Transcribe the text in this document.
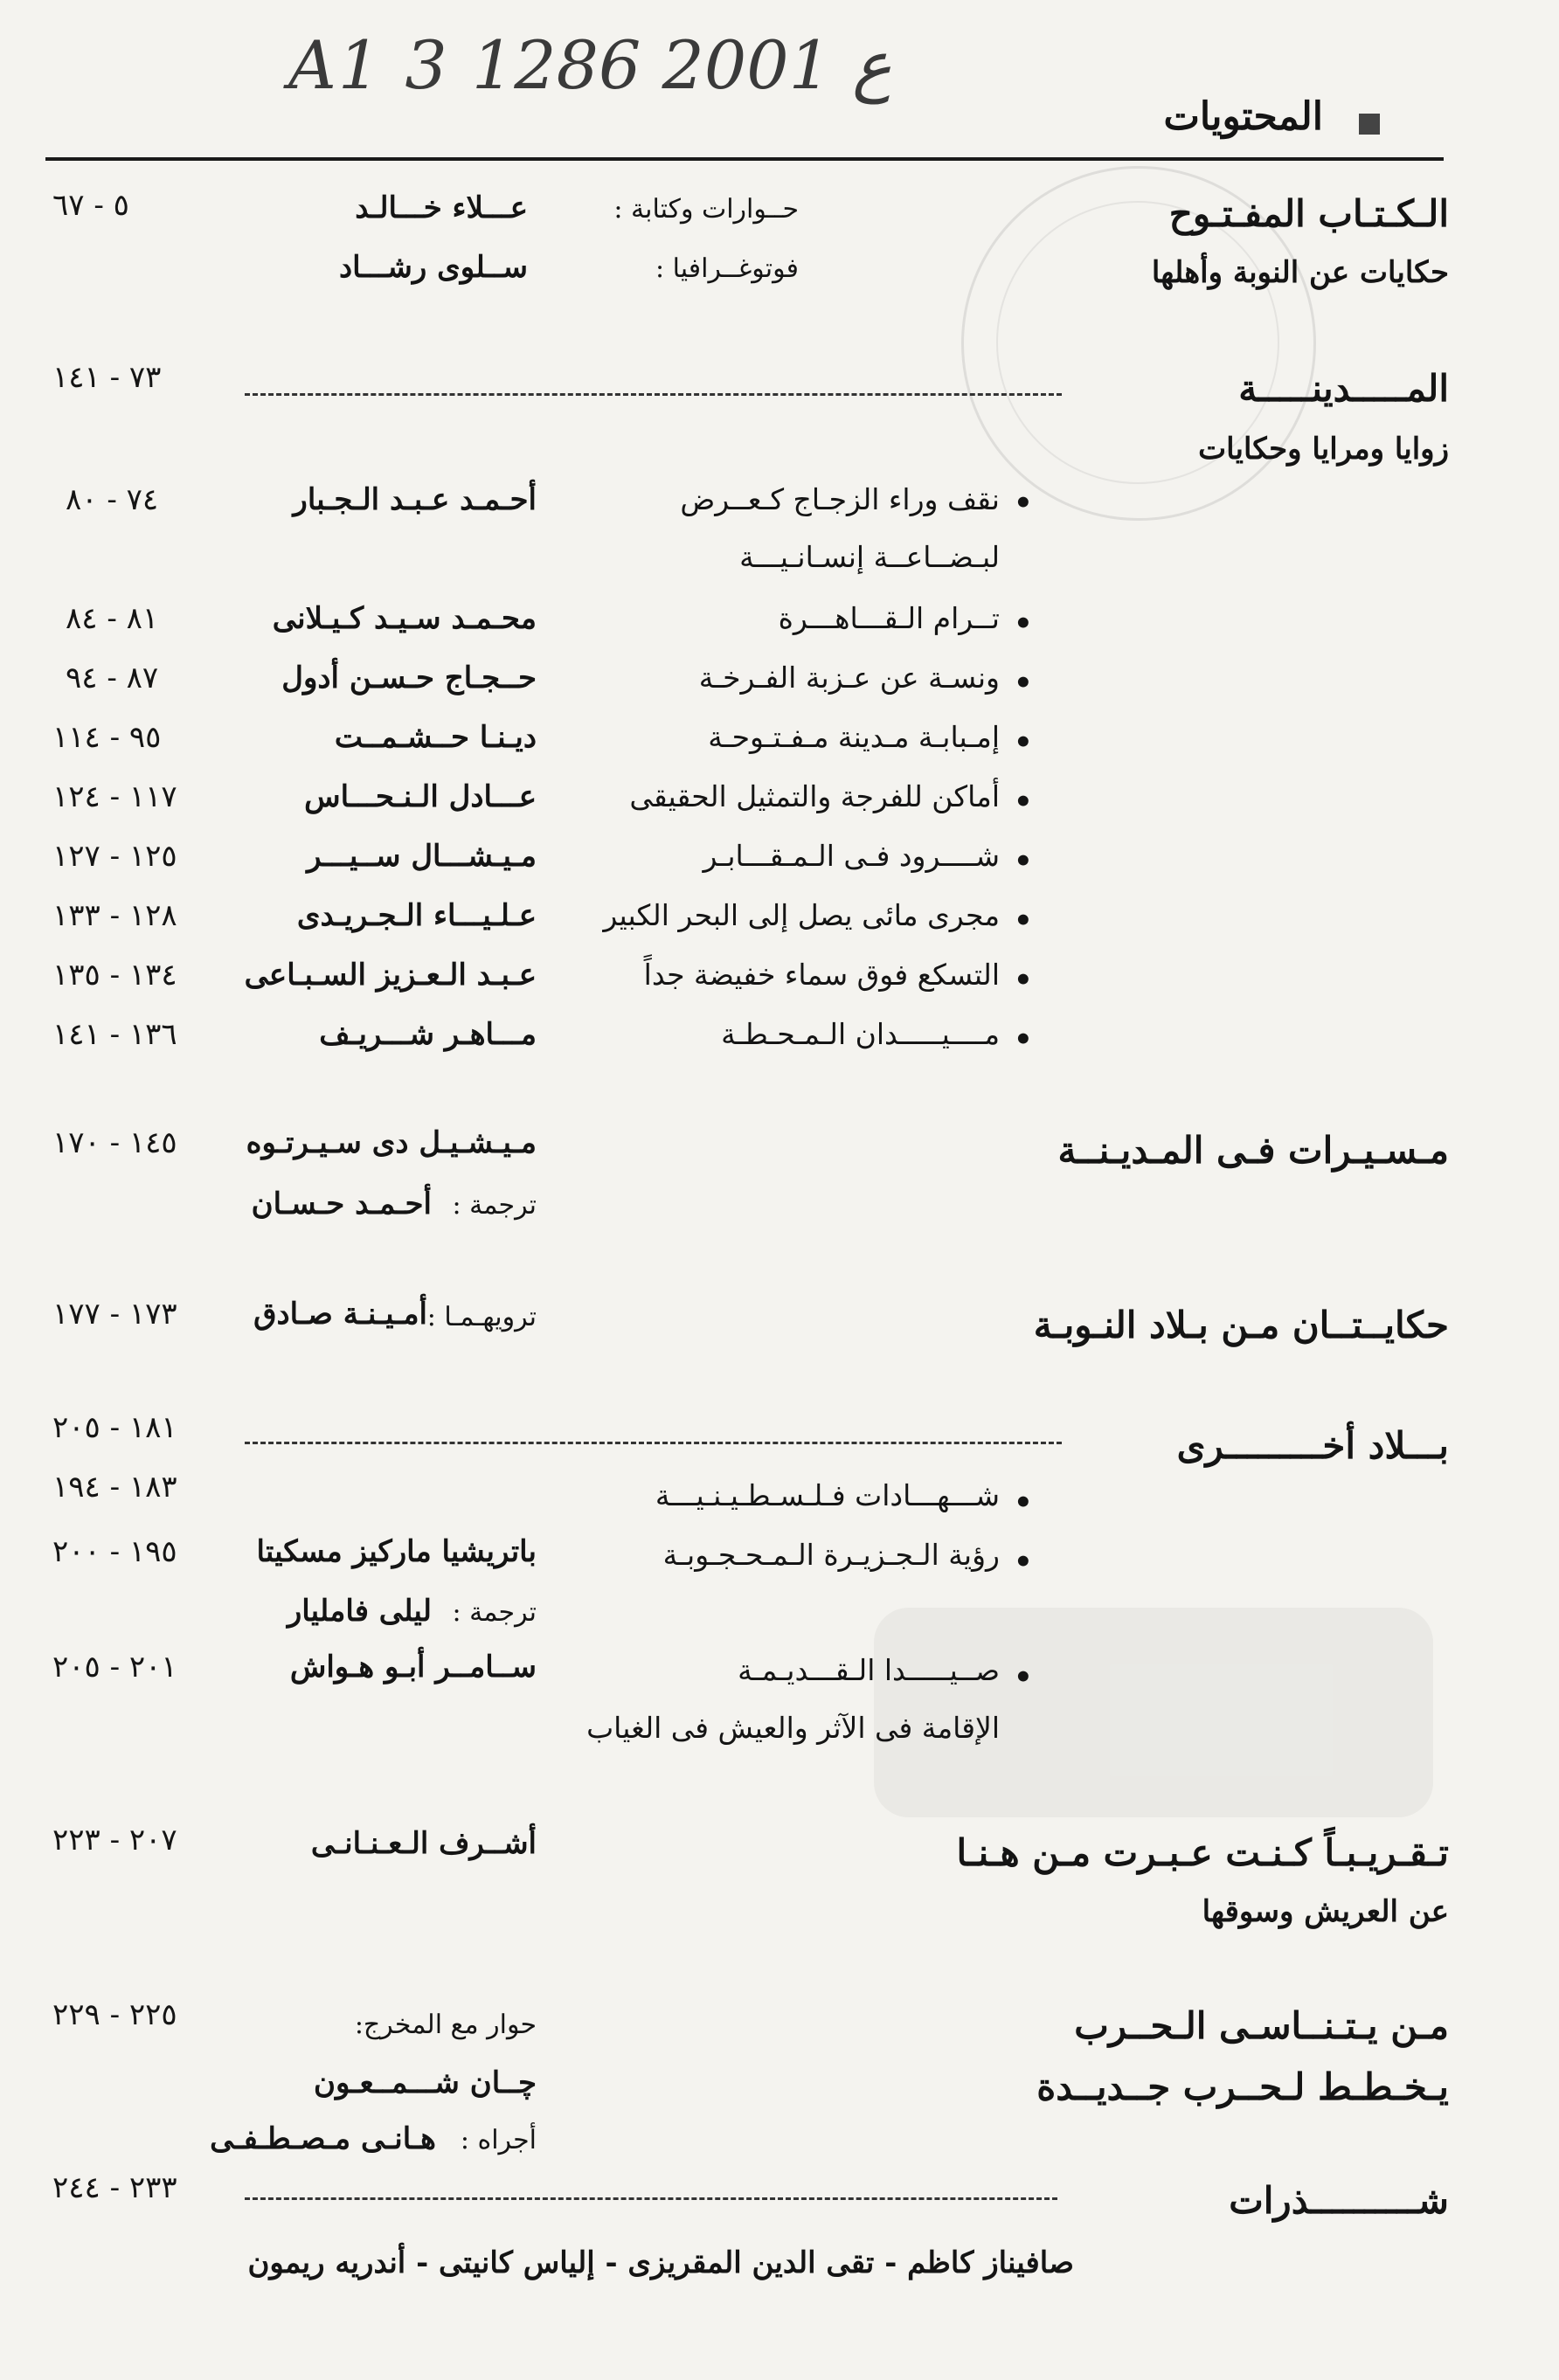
A1 3 ع 2001 1286
المحتويات
الـكـتـاب المفـتـوح
٥ - ٦٧
حكايات عن النوبة وأهلها
حــوارات وكتابة :
عـــلاء خـــالـد
فوتوغــرافيا :
ســلوى رشـــاد
المـــــدينـــــة
٧٣ - ١٤١
زوايا ومرايا وحكايات
•
نقف وراء الزجـاج كـعــرض
أحـمـد عـبـد الـجـبار
٧٤ - ٨٠
لبـضــاعــة إنسـانـيـــة
•
تــرام الـقـــاهـــرة
محـمـد سـيـد كـيـلانى
٨١ - ٨٤
•
ونسـة عن عـزبة الفـرخـة
حــجـاج حـسـن أدول
٨٧ - ٩٤
•
إمـبابـة مـدينة مـفـتـوحـة
ديـنـا حــشـمــت
٩٥ - ١١٤
•
أماكن للفرجة والتمثيل الحقيقى
عـــادل الـنـحـــاس
١١٧ - ١٢٤
•
شــــرود فـى الـمـقـــابـر
مـيـشـــال ســيـــر
١٢٥ - ١٢٧
•
مجرى مائى يصل إلى البحر الكبير
عـلـيـــاء الـجـريـدى
١٢٨ - ١٣٣
•
التسكع فوق سماء خفيضة جداً
عـبـد الـعـزيز السـبـاعى
١٣٤ - ١٣٥
•
مــــيـــــدان الـمـحـطـة
مـــاهـر شـــريـف
١٣٦ - ١٤١
مـسـيـرات فـى المـديـنــة
مـيـشـيـل دى سـيـرتـوه
١٤٥ - ١٧٠
ترجمة :
أحـمـد حـسـان
حكايــتــان مـن بـلاد النـوبـة
١٧٣ - ١٧٧	ترويهـمـا :
أمـيـنـة صـادق
بـــلاد أخـــــــــرى
١٨١ - ٢٠٥
•
شـــهـــادات فـلـسـطـيـنـيـــة
١٨٣ - ١٩٤
•
رؤية الـجـزيـرة الـمـحـجـوبـة
باتريشيا ماركيز مسكيتا
١٩٥ - ٢٠٠
ترجمة :
ليلى فامليار
•
صــيـــــدا الـقـــديـمـة
ســامــر أبـو هـواش
٢٠١ - ٢٠٥
الإقامة فى الآثر والعيش فى الغياب
تـقـريـبـاً كـنـت عـبـرت مـن هـنـا
أشــرف الـعـنـانـى
٢٠٧ - ٢٢٣
عن العريش وسوقها
مـن يـتـنــاسـى الـحــرب
٢٢٥ - ٢٢٩
يـخـطـط لـحــرب جــديــدة
حوار مع المخرج:
چــان شـــمــعـون
أجراه :
هـانـى مـصـطـفـى
شــــــــــذرات
٢٣٣ - ٢٤٤
صافيناز كاظم - تقى الدين المقريزى - إلياس كانيتى - أندريه ريمون
